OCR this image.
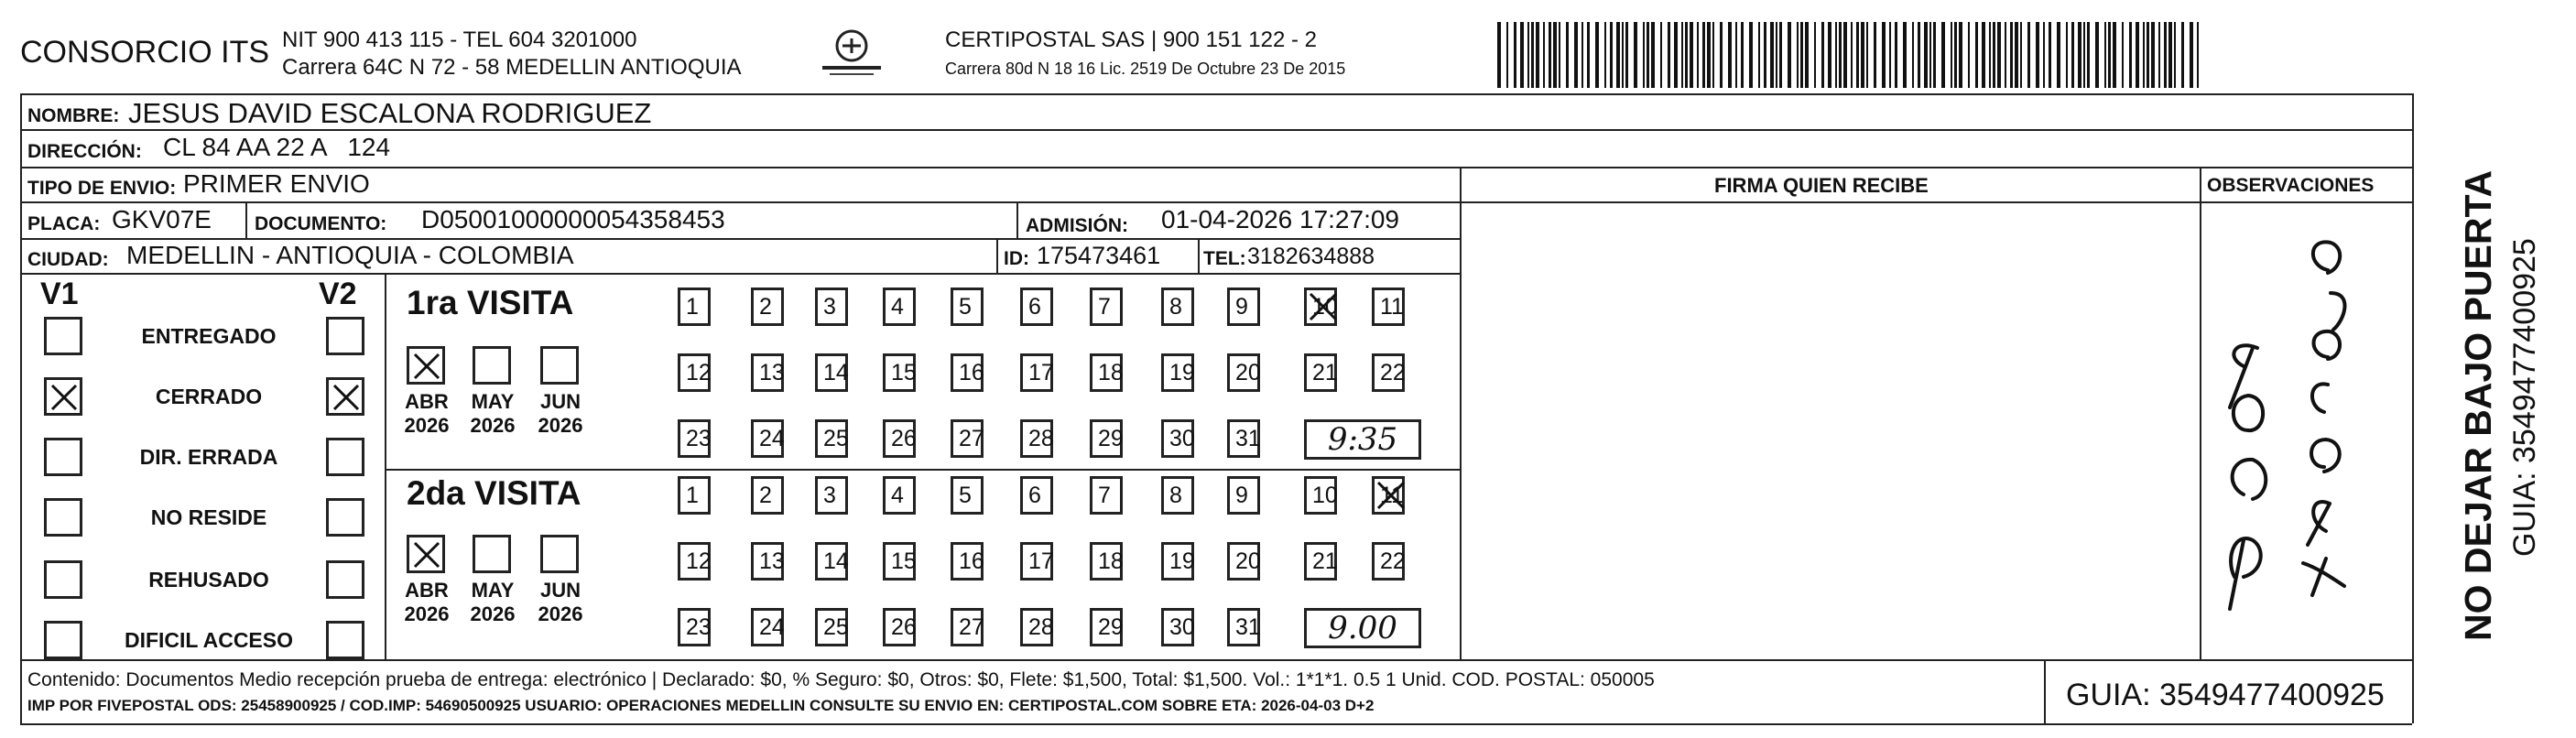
CONSORCIO ITS NIT 900 413 115 - TEL 604 3201000
Carrera 64C N 72 - 58 MEDELLIN ANTIOQUIA
CERTIPOSTAL SAS | 900 151 122 - 2
Carrera 80d N 18 16 Lic. 2519 De Octubre 23 De 2015
NOMBRE: JESUS DAVID ESCALONA RODRIGUEZ
DIRECCIÓN: CL 84 AA 22 A   124
TIPO DE ENVIO: PRIMER ENVIO
PLACA: GKV07E DOCUMENTO: D05001000000054358453	ADMISIÓN: 01-04-2026 17:27:09
CIUDAD: MEDELLIN - ANTIOQUIA - COLOMBIA	ID: 175473461 TEL: 3182634888
FIRMA QUIEN RECIBE	OBSERVACIONES
V1	V2
ENTREGADO
CERRADO
DIR. ERRADA
NO RESIDE
REHUSADO
DIFICIL ACCESO
1ra VISITA
2da VISITA
ABR
2026
MAY
2026
JUN
2026
1	2	3	4	5	6	7	8	9	10	11
12	13	14	15	16	17	18	19	20	21	22
23	24	25	26	27	28	29	30	31	9:35
ABR
2026
MAY
2026
JUN
2026
1	2	3	4	5	6	7	8	9	10	11
12	13	14	15	16	17	18	19	20	21	22
23	24	25	26	27	28	29	30	31	9.00
Contenido: Documentos Medio recepción prueba de entrega: electrónico | Declarado: $0, % Seguro: $0, Otros: $0, Flete: $1,500, Total: $1,500. Vol.: 1*1*1. 0.5 1 Unid. COD. POSTAL: 050005
IMP POR FIVEPOSTAL ODS: 25458900925 / COD.IMP: 54690500925 USUARIO: OPERACIONES MEDELLIN CONSULTE SU ENVIO EN: CERTIPOSTAL.COM SOBRE ETA: 2026-04-03 D+2	GUIA: 3549477400925
NO DEJAR BAJO PUERTA GUIA: 3549477400925
